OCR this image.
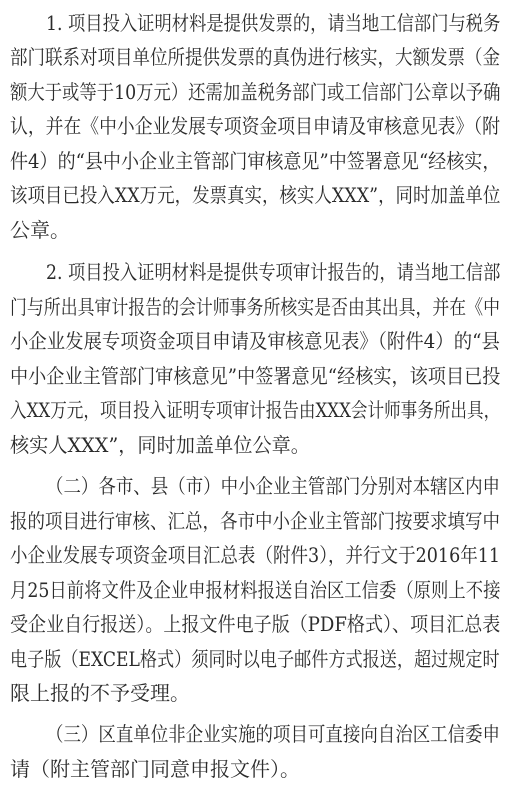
1. 项目投入证明材料是提供发票的，请当地工信部门与税务
部门联系对项目单位所提供发票的真伪进行核实，大额发票（金
额大于或等于10万元）还需加盖税务部门或工信部门公章以予确
认，并在《中小企业发展专项资金项目申请及审核意见表》（附
件4）的“县中小企业主管部门审核意见”中签署意见“经核实，
该项目已投入XX万元，发票真实，核实人XXX”，同时加盖单位
公章。
2. 项目投入证明材料是提供专项审计报告的，请当地工信部
门与所出具审计报告的会计师事务所核实是否由其出具，并在《中
小企业发展专项资金项目申请及审核意见表》（附件4）的“县
中小企业主管部门审核意见”中签署意见“经核实，该项目已投
入XX万元，项目投入证明专项审计报告由XXX会计师事务所出具，
核实人XXX”，同时加盖单位公章。
（二）各市、县（市）中小企业主管部门分别对本辖区内申
报的项目进行审核、汇总，各市中小企业主管部门按要求填写中
小企业发展专项资金项目汇总表（附件3），并行文于2016年11
月25日前将文件及企业申报材料报送自治区工信委（原则上不接
受企业自行报送）。上报文件电子版（PDF格式）、项目汇总表
电子版（EXCEL格式）须同时以电子邮件方式报送，超过规定时
限上报的不予受理。
（三）区直单位非企业实施的项目可直接向自治区工信委申
请（附主管部门同意申报文件）。
